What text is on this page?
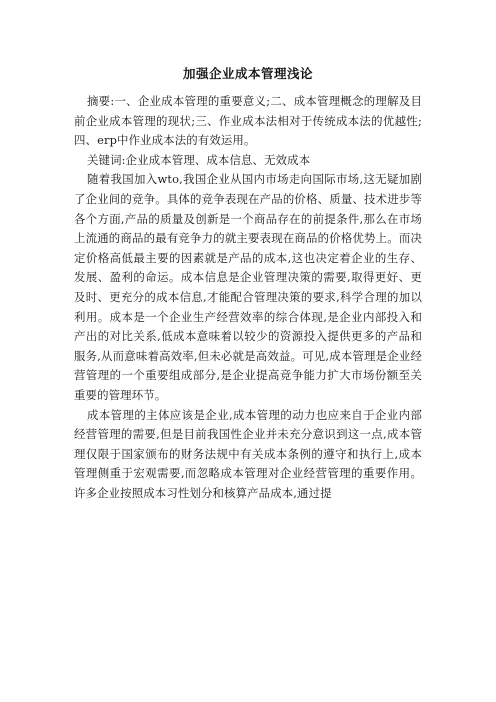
加强企业成本管理浅论

摘要:一、企业成本管理的重要意义;二、成本管理概念的理解及目前企业成本管理的现状;三、作业成本法相对于传统成本法的优越性;四、erp中作业成本法的有效运用。

关键词:企业成本管理、成本信息、无效成本

随着我国加入wto,我国企业从国内市场走向国际市场,这无疑加剧了企业间的竞争。具体的竞争表现在产品的价格、质量、技术进步等各个方面,产品的质量及创新是一个商品存在的前提条件,那么在市场上流通的商品的最有竞争力的就主要表现在商品的价格优势上。而决定价格高低最主要的因素就是产品的成本,这也决定着企业的生存、发展、盈利的命运。成本信息是企业管理决策的需要,取得更好、更及时、更充分的成本信息,才能配合管理决策的要求,科学合理的加以利用。成本是一个企业生产经营效率的综合体现,是企业内部投入和产出的对比关系,低成本意味着以较少的资源投入提供更多的产品和服务,从而意味着高效率,但未必就是高效益。可见,成本管理是企业经营管理的一个重要组成部分,是企业提高竞争能力扩大市场份额至关重要的管理环节。

成本管理的主体应该是企业,成本管理的动力也应来自于企业内部经营管理的需要,但是目前我国性企业并未充分意识到这一点,成本管理仅限于国家颁布的财务法规中有关成本条例的遵守和执行上,成本管理侧重于宏观需要,而忽略成本管理对企业经营管理的重要作用。许多企业按照成本习性划分和核算产品成本,通过提
